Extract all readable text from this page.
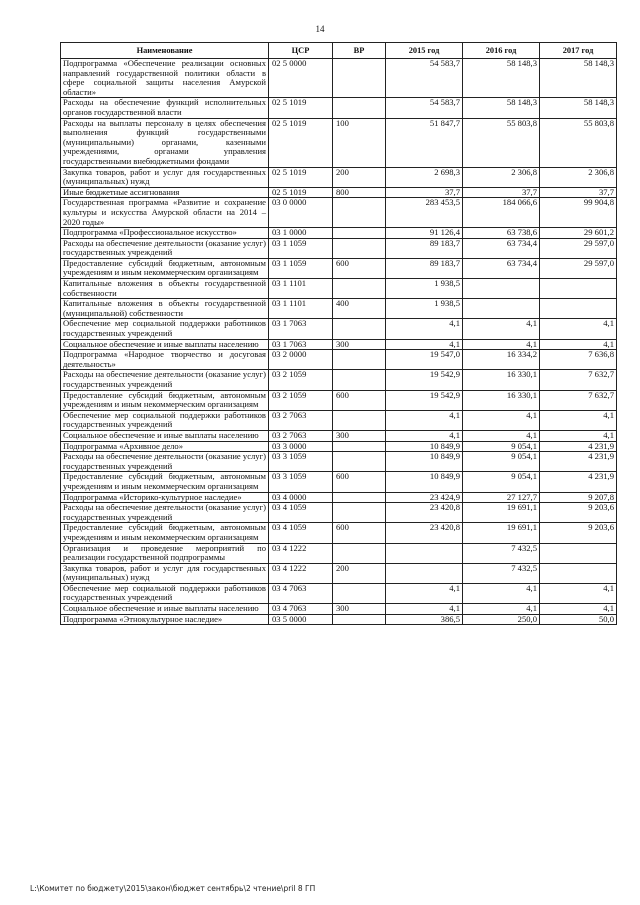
14
Наименование	ЦСР	ВР	2015 год	2016 год	2017 год
Подпрограмма «Обеспечение реализации основных направлений государственной политики области в сфере социальной защиты населения Амурской области»	02 5 0000		54 583,7	58 148,3	58 148,3
Расходы на обеспечение функций исполнительных органов государственной власти	02 5 1019		54 583,7	58 148,3	58 148,3
Расходы на выплаты персоналу в целях обеспечения выполнения функций государственными (муниципальными) органами, казенными учреждениями, органами управления государственными внебюджетными фондами	02 5 1019	100	51 847,7	55 803,8	55 803,8
Закупка товаров, работ и услуг для государственных (муниципальных) нужд	02 5 1019	200	2 698,3	2 306,8	2 306,8
Иные бюджетные ассигнования	02 5 1019	800	37,7	37,7	37,7
Государственная программа «Развитие и сохранение культуры и искусства Амурской области на 2014 – 2020 годы»	03 0 0000		283 453,5	184 066,6	99 904,8
Подпрограмма «Профессиональное искусство»	03 1 0000		91 126,4	63 738,6	29 601,2
Расходы на обеспечение деятельности (оказание услуг) государственных учреждений	03 1 1059		89 183,7	63 734,4	29 597,0
Предоставление субсидий бюджетным, автономным учреждениям и иным некоммерческим организациям	03 1 1059	600	89 183,7	63 734,4	29 597,0
Капитальные вложения в объекты государственной собственности	03 1 1101		1 938,5		
Капитальные вложения в объекты государственной (муниципальной) собственности	03 1 1101	400	1 938,5		
Обеспечение мер социальной поддержки работников государственных учреждений	03 1 7063		4,1	4,1	4,1
Социальное обеспечение и иные выплаты населению	03 1 7063	300	4,1	4,1	4,1
Подпрограмма «Народное творчество и досуговая деятельность»	03 2 0000		19 547,0	16 334,2	7 636,8
Расходы на обеспечение деятельности (оказание услуг) государственных учреждений	03 2 1059		19 542,9	16 330,1	7 632,7
Предоставление субсидий бюджетным, автономным учреждениям и иным некоммерческим организациям	03 2 1059	600	19 542,9	16 330,1	7 632,7
Обеспечение мер социальной поддержки работников государственных учреждений	03 2 7063		4,1	4,1	4,1
Социальное обеспечение и иные выплаты населению	03 2 7063	300	4,1	4,1	4,1
Подпрограмма «Архивное дело»	03 3 0000		10 849,9	9 054,1	4 231,9
Расходы на обеспечение деятельности (оказание услуг) государственных учреждений	03 3 1059		10 849,9	9 054,1	4 231,9
Предоставление субсидий бюджетным, автономным учреждениям и иным некоммерческим организациям	03 3 1059	600	10 849,9	9 054,1	4 231,9
Подпрограмма «Историко-культурное наследие»	03 4 0000		23 424,9	27 127,7	9 207,8
Расходы на обеспечение деятельности (оказание услуг) государственных учреждений	03 4 1059		23 420,8	19 691,1	9 203,6
Предоставление субсидий бюджетным, автономным учреждениям и иным некоммерческим организациям	03 4 1059	600	23 420,8	19 691,1	9 203,6
Организация и проведение мероприятий по реализации государственной подпрограммы	03 4 1222			7 432,5	
Закупка товаров, работ и услуг для государственных (муниципальных) нужд	03 4 1222	200		7 432,5	
Обеспечение мер социальной поддержки работников государственных учреждений	03 4 7063		4,1	4,1	4,1
Социальное обеспечение и иные выплаты населению	03 4 7063	300	4,1	4,1	4,1
Подпрограмма «Этнокультурное наследие»	03 5 0000		386,5	250,0	50,0
L:\Комитет по бюджету\2015\закон\бюджет сентябрь\2 чтение\pril 8 ГП
